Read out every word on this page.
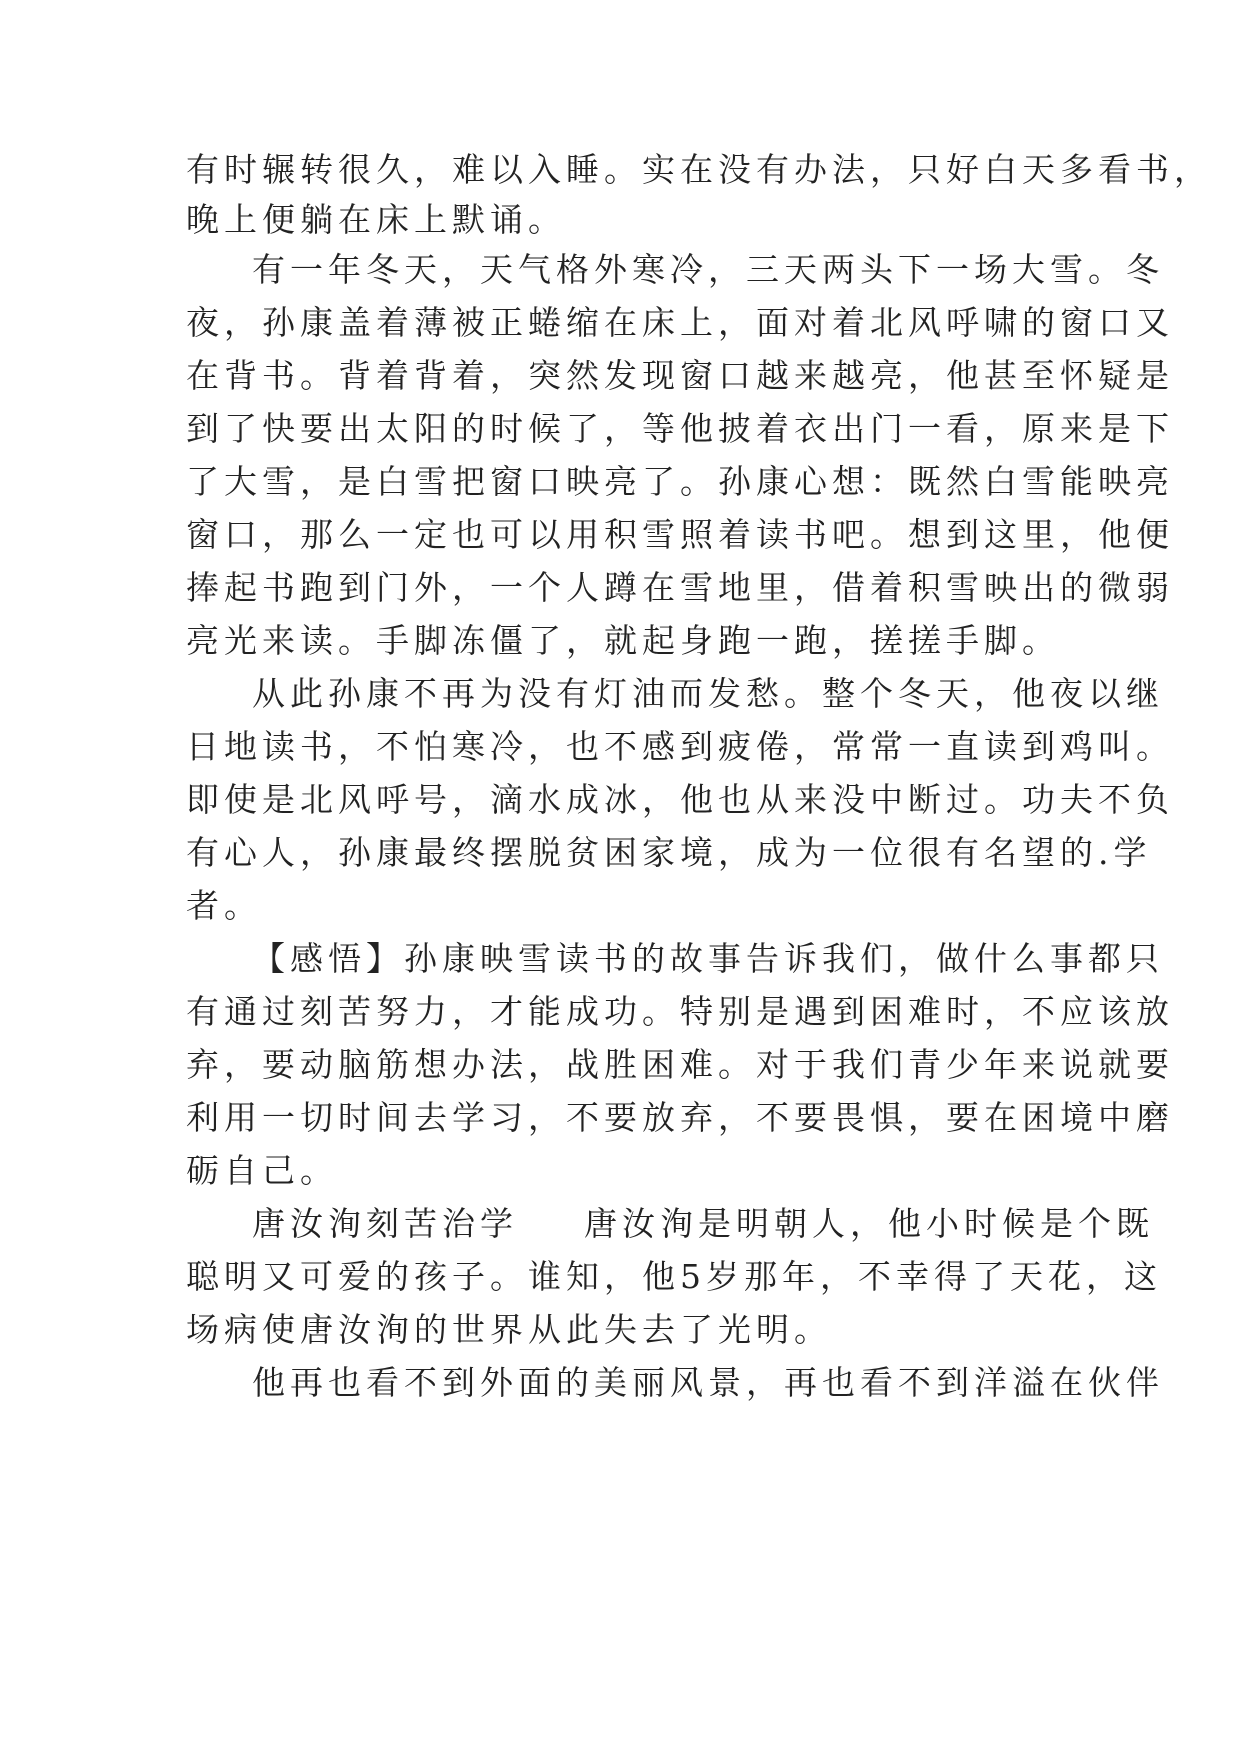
有时辗转很久，难以入睡。实在没有办法，只好白天多看书，

晚上便躺在床上默诵。

有一年冬天，天气格外寒冷，三天两头下一场大雪。冬

夜，孙康盖着薄被正蜷缩在床上，面对着北风呼啸的窗口又

在背书。背着背着，突然发现窗口越来越亮，他甚至怀疑是

到了快要出太阳的时候了，等他披着衣出门一看，原来是下

了大雪，是白雪把窗口映亮了。孙康心想：既然白雪能映亮

窗口，那么一定也可以用积雪照着读书吧。想到这里，他便

捧起书跑到门外，一个人蹲在雪地里，借着积雪映出的微弱

亮光来读。手脚冻僵了，就起身跑一跑，搓搓手脚。

从此孙康不再为没有灯油而发愁。整个冬天，他夜以继

日地读书，不怕寒冷，也不感到疲倦，常常一直读到鸡叫。

即使是北风呼号，滴水成冰，他也从来没中断过。功夫不负

有心人，孙康最终摆脱贫困家境，成为一位很有名望的.学

者。

【感悟】孙康映雪读书的故事告诉我们，做什么事都只

有通过刻苦努力，才能成功。特别是遇到困难时，不应该放

弃，要动脑筋想办法，战胜困难。对于我们青少年来说就要

利用一切时间去学习，不要放弃，不要畏惧，要在困境中磨

砺自己。

唐汝洵刻苦治学 唐汝洵是明朝人，他小时候是个既

聪明又可爱的孩子。谁知，他5岁那年，不幸得了天花，这

场病使唐汝洵的世界从此失去了光明。

他再也看不到外面的美丽风景，再也看不到洋溢在伙伴
